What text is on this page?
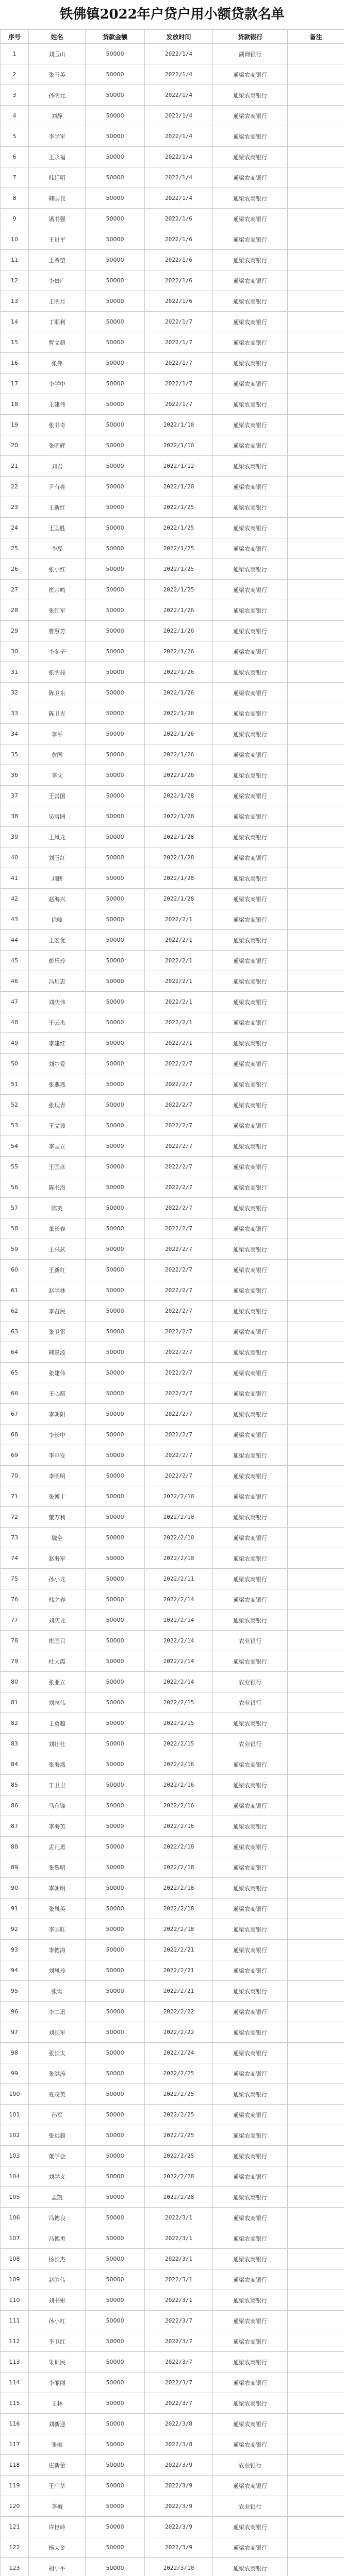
铁佛镇2022年户贷户用小额贷款名单
序号	姓名	贷款金额	发放时间	贷款银行	备注
1	刘玉山	50000	2022/1/4	湖商银行	
2	张玉英	50000	2022/1/4	通梁农商银行	
3	孙明元	50000	2022/1/4	通梁农商银行	
4	刘静	50000	2022/1/4	通梁农商银行	
5	李学军	50000	2022/1/4	通梁农商银行	
6	王永福	50000	2022/1/4	通梁农商银行	
7	韩延明	50000	2022/1/4	通梁农商银行	
8	韩国良	50000	2022/1/4	通梁农商银行	
9	潘书强	50000	2022/1/6	通梁农商银行	
10	王进平	50000	2022/1/6	通梁农商银行	
11	王希望	50000	2022/1/6	通梁农商银行	
12	李贵广	50000	2022/1/6	通梁农商银行	
13	王明月	50000	2022/1/6	通梁农商银行	
14	丁顺利	50000	2022/1/7	通梁农商银行	
15	曹文超	50000	2022/1/7	通梁农商银行	
16	张伟	50000	2022/1/7	通梁农商银行	
17	李学中	50000	2022/1/7	通梁农商银行	
18	王建伟	50000	2022/1/7	通梁农商银行	
19	张书奇	50000	2022/1/10	通梁农商银行	
20	张明辉	50000	2022/1/10	通梁农商银行	
21	刘君	50000	2022/1/12	通梁农商银行	
22	尹有亮	50000	2022/1/20	通梁农商银行	
23	王新红	50000	2022/1/25	通梁农商银行	
24	王国胜	50000	2022/1/25	通梁农商银行	
25	李磊	50000	2022/1/25	通梁农商银行	
26	张小红	50000	2022/1/25	通梁农商银行	
27	崔宗鸣	50000	2022/1/25	通梁农商银行	
28	张红军	50000	2022/1/26	通梁农商银行	
29	曹慧芳	50000	2022/1/26	通梁农商银行	
30	李冬子	50000	2022/1/26	通梁农商银行	
31	张明亮	50000	2022/1/26	通梁农商银行	
32	陈卫东	50000	2022/1/26	通梁农商银行	
33	陈卫光	50000	2022/1/26	通梁农商银行	
34	李平	50000	2022/1/26	通梁农商银行	
35	黄国	50000	2022/1/26	通梁农商银行	
36	李文	50000	2022/1/26	通梁农商银行	
37	王善国	50000	2022/1/28	通梁农商银行	
38	吴雪园	50000	2022/1/28	通梁农商银行	
39	王风龙	50000	2022/1/28	通梁农商银行	
40	刘玉红	50000	2022/1/28	通梁农商银行	
41	刘鹏	50000	2022/1/28	通梁农商银行	
42	赵海兴	50000	2022/1/28	通梁农商银行	
43	徐峰	50000	2022/2/1	通梁农商银行	
44	王宏优	50000	2022/2/1	通梁农商银行	
45	彭乐玲	50000	2022/2/1	通梁农商银行	
46	冯坦忠	50000	2022/2/1	通梁农商银行	
47	刘庆伟	50000	2022/2/1	通梁农商银行	
48	王云杰	50000	2022/2/1	通梁农商银行	
49	李建红	50000	2022/2/1	通梁农商银行	
50	刘尔爱	50000	2022/2/7	通梁农商银行	
51	张燕燕	50000	2022/2/7	通梁农商银行	
52	张现青	50000	2022/2/7	通梁农商银行	
53	王文坡	50000	2022/2/7	通梁农商银行	
54	李国立	50000	2022/2/7	通梁农商银行	
55	王国彦	50000	2022/2/7	通梁农商银行	
56	陈书海	50000	2022/2/7	通梁农商银行	
57	陈英	50000	2022/2/7	通梁农商银行	
58	董长春	50000	2022/2/7	通梁农商银行	
59	王兴武	50000	2022/2/7	通梁农商银行	
60	王新红	50000	2022/2/7	通梁农商银行	
61	赵学林	50000	2022/2/7	通梁农商银行	
62	李召民	50000	2022/2/7	通梁农商银行	
63	张卫雷	50000	2022/2/7	通梁农商银行	
64	韩景波	50000	2022/2/7	通梁农商银行	
65	张建伟	50000	2022/2/7	通梁农商银行	
66	王心愿	50000	2022/2/7	通梁农商银行	
67	李朝阳	50000	2022/2/7	通梁农商银行	
68	李长中	50000	2022/2/7	通梁农商银行	
69	李申发	50000	2022/2/7	通梁农商银行	
70	李明明	50000	2022/2/7	通梁农商银行	
71	张博士	50000	2022/2/10	通梁农商银行	
72	董万利	50000	2022/2/10	通梁农商银行	
73	魏全	50000	2022/2/10	通梁农商银行	
74	赵海军	50000	2022/2/10	通梁农商银行	
75	孙小龙	50000	2022/2/11	通梁农商银行	
76	韩之春	50000	2022/2/14	通梁农商银行	
77	刘庆龙	50000	2022/2/14	通梁农商银行	
78	崔国只	50000	2022/2/14	农业银行	
79	杜大霞	50000	2022/2/14	通梁农商银行	
80	张亚立	50000	2022/2/14	农业银行	
81	刘志伟	50000	2022/2/15	农业银行	
82	王勇超	50000	2022/2/15	通梁农商银行	
83	刘壮壮	50000	2022/2/15	农业银行	
84	张海燕	50000	2022/2/16	通梁农商银行	
85	丁卫卫	50000	2022/2/16	通梁农商银行	
86	马东锋	50000	2022/2/16	通梁农商银行	
87	李海英	50000	2022/2/16	通梁农商银行	
88	孟凡勇	50000	2022/2/18	通梁农商银行	
89	张黎明	50000	2022/2/18	通梁农商银行	
90	李朝明	50000	2022/2/18	通梁农商银行	
91	张凤英	50000	2022/2/18	通梁农商银行	
92	李国旺	50000	2022/2/18	通梁农商银行	
93	李德海	50000	2022/2/21	通梁农商银行	
94	刘凤珍	50000	2022/2/21	通梁农商银行	
95	张雪	50000	2022/2/21	通梁农商银行	
96	李二迅	50000	2022/2/22	通梁农商银行	
97	刘长军	50000	2022/2/22	通梁农商银行	
98	张长太	50000	2022/2/24	通梁农商银行	
99	张洪涛	50000	2022/2/25	通梁农商银行	
100	夏茂英	50000	2022/2/25	通梁农商银行	
101	孙军	50000	2022/2/25	通梁农商银行	
102	张远超	50000	2022/2/25	通梁农商银行	
103	董学会	50000	2022/2/25	通梁农商银行	
104	刘学义	50000	2022/2/28	通梁农商银行	
105	孟凯	50000	2022/2/28	通梁农商银行	
106	冯德良	50000	2022/3/1	通梁农商银行	
107	冯德勇	50000	2022/3/1	通梁农商银行	
108	杨长杰	50000	2022/3/1	通梁农商银行	
109	赵胜伟	50000	2022/3/1	通梁农商银行	
110	刘书彬	50000	2022/3/1	通梁农商银行	
111	孙小红	50000	2022/3/7	通梁农商银行	
112	李卫红	50000	2022/3/7	通梁农商银行	
113	朱训民	50000	2022/3/7	通梁农商银行	
114	李丽丽	50000	2022/3/7	通梁农商银行	
115	王林	50000	2022/3/7	通梁农商银行	
116	刘新迎	50000	2022/3/8	通梁农商银行	
117	张丽	50000	2022/3/8	通梁农商银行	
118	庄新蕾	50000	2022/3/9	农业银行	
119	王广华	50000	2022/3/9	通梁农商银行	
120	李梅	50000	2022/3/9	农业银行	
121	许世岭	50000	2022/3/9	通梁农商银行	
122	杨大金	50000	2022/3/9	通梁农商银行	
123	胡小平	50000	2022/3/10	通梁农商银行	
